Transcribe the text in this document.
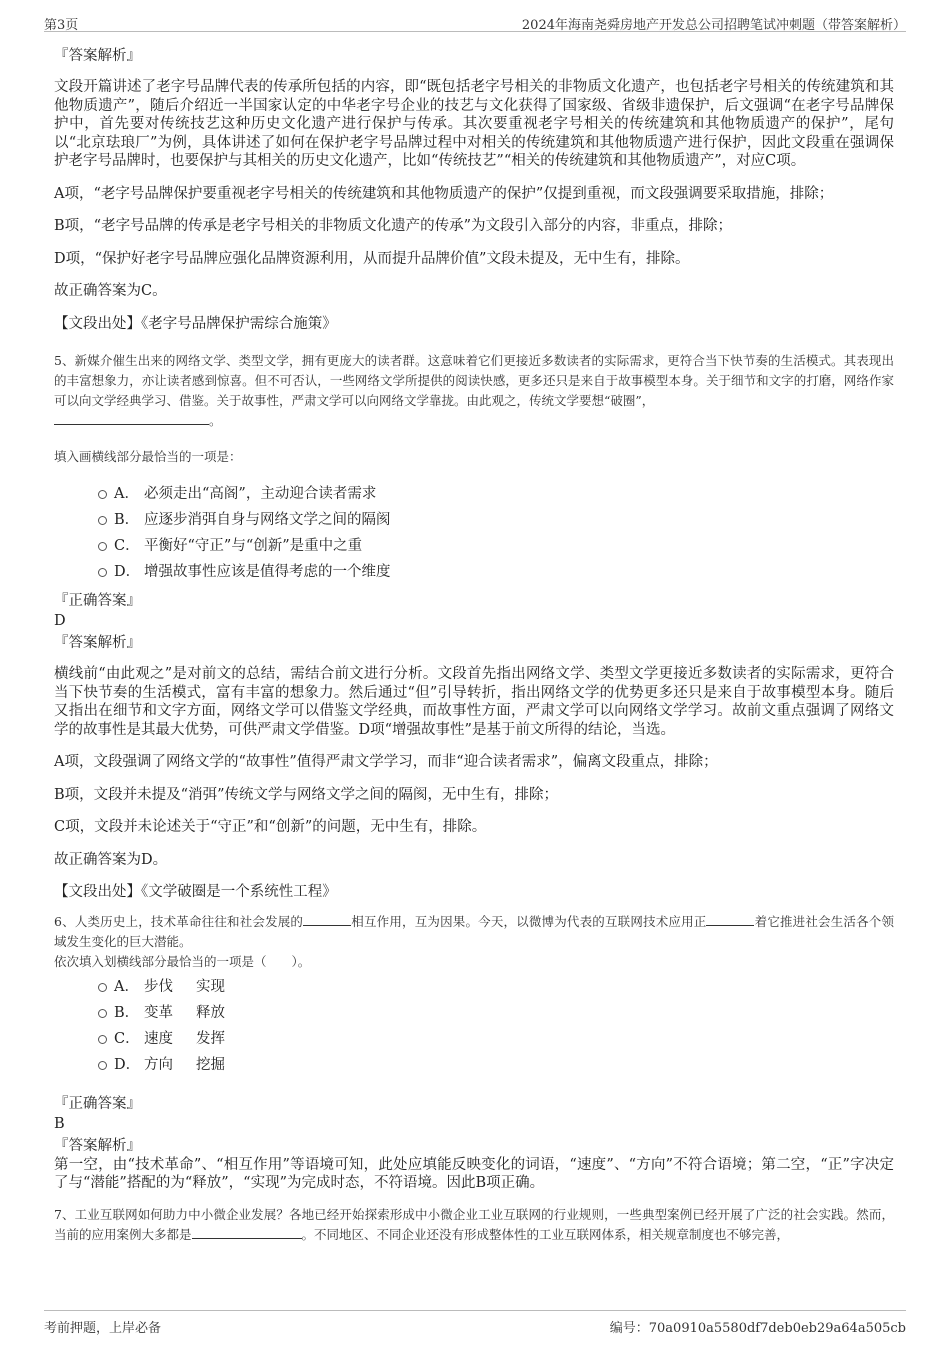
第3页	2024年海南尧舜房地产开发总公司招聘笔试冲刺题（带答案解析）
『答案解析』
文段开篇讲述了老字号品牌代表的传承所包括的内容，即“既包括老字号相关的非物质文化遗产，也包括老字号相关的传统建筑和其他物质遗产”，随后介绍近一半国家认定的中华老字号企业的技艺与文化获得了国家级、省级非遗保护，后文强调“在老字号品牌保护中，首先要对传统技艺这种历史文化遗产进行保护与传承。其次要重视老字号相关的传统建筑和其他物质遗产的保护”，尾句以“北京珐琅厂”为例，具体讲述了如何在保护老字号品牌过程中对相关的传统建筑和其他物质遗产进行保护，因此文段重在强调保护老字号品牌时，也要保护与其相关的历史文化遗产，比如“传统技艺”“相关的传统建筑和其他物质遗产”，对应C项。
A项，“老字号品牌保护要重视老字号相关的传统建筑和其他物质遗产的保护”仅提到重视，而文段强调要采取措施，排除；
B项，“老字号品牌的传承是老字号相关的非物质文化遗产的传承”为文段引入部分的内容，非重点，排除；
D项，“保护好老字号品牌应强化品牌资源利用，从而提升品牌价值”文段未提及，无中生有，排除。
故正确答案为C。
【文段出处】《老字号品牌保护需综合施策》
5、新媒介催生出来的网络文学、类型文学，拥有更庞大的读者群。这意味着它们更接近多数读者的实际需求，更符合当下快节奏的生活模式。其表现出的丰富想象力，亦让读者感到惊喜。但不可否认，一些网络文学所提供的阅读快感，更多还只是来自于故事模型本身。关于细节和文字的打磨，网络作家可以向文学经典学习、借鉴。关于故事性，严肃文学可以向网络文学靠拢。由此观之，传统文学要想“破圈”，
。
填入画横线部分最恰当的一项是：
A． 必须走出“高阁”，主动迎合读者需求
B． 应逐步消弭自身与网络文学之间的隔阂
C． 平衡好“守正”与“创新”是重中之重
D． 增强故事性应该是值得考虑的一个维度
『正确答案』
D
『答案解析』
横线前“由此观之”是对前文的总结，需结合前文进行分析。文段首先指出网络文学、类型文学更接近多数读者的实际需求，更符合当下快节奏的生活模式，富有丰富的想象力。然后通过“但”引导转折，指出网络文学的优势更多还只是来自于故事模型本身。随后又指出在细节和文字方面，网络文学可以借鉴文学经典，而故事性方面，严肃文学可以向网络文学学习。故前文重点强调了网络文学的故事性是其最大优势，可供严肃文学借鉴。D项“增强故事性”是基于前文所得的结论，当选。
A项，文段强调了网络文学的“故事性”值得严肃文学学习，而非“迎合读者需求”，偏离文段重点，排除；
B项，文段并未提及“消弭”传统文学与网络文学之间的隔阂，无中生有，排除；
C项，文段并未论述关于“守正”和“创新”的问题，无中生有，排除。
故正确答案为D。
【文段出处】《文学破圈是一个系统性工程》
6、人类历史上，技术革命往往和社会发展的	相互作用，互为因果。今天，以微博为代表的互联网技术应用正	着它推进社会生活各个领域发生变化的巨大潜能。
依次填入划横线部分最恰当的一项是（　　）。
A． 步伐 实现
B． 变革 释放
C． 速度 发挥
D． 方向 挖掘
『正确答案』
B
『答案解析』
第一空，由“技术革命”、“相互作用”等语境可知，此处应填能反映变化的词语，“速度”、“方向”不符合语境；第二空，“正”字决定了与“潜能”搭配的为“释放”，“实现”为完成时态，不符语境。因此B项正确。
7、工业互联网如何助力中小微企业发展？各地已经开始探索形成中小微企业工业互联网的行业规则，一些典型案例已经开展了广泛的社会实践。然而，当前的应用案例大多都是	。不同地区、不同企业还没有形成整体性的工业互联网体系，相关规章制度也不够完善，
考前押题，上岸必备	编号：70a0910a5580df7deb0eb29a64a505cb
